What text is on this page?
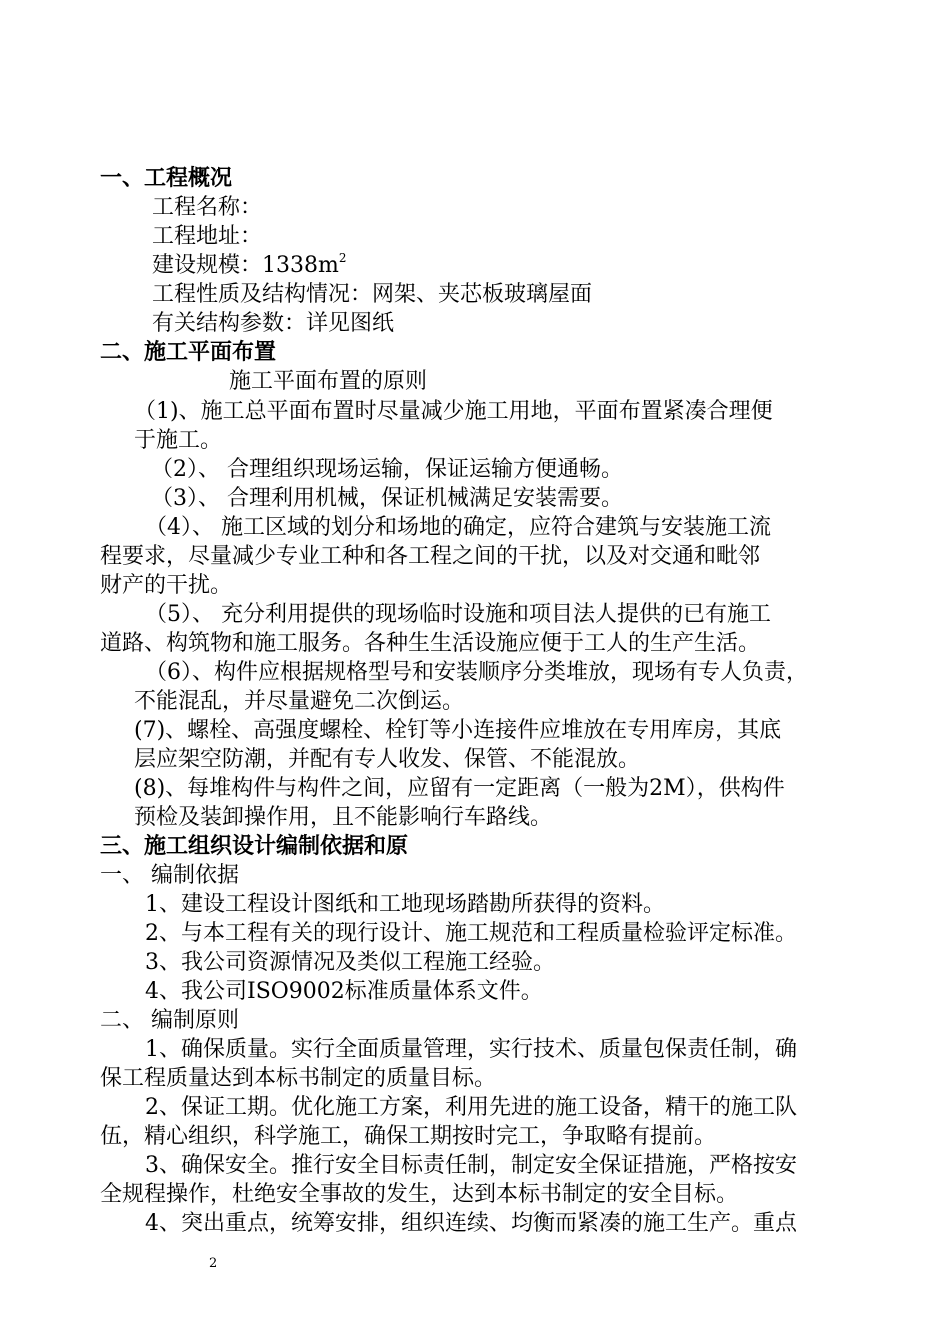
一、工程概况
工程名称：
工程地址：
建设规模：$1338m^2$
工程性质及结构情况：网架、夹芯板玻璃屋面
有关结构参数：详见图纸
二、施工平面布置
施工平面布置的原则
（1)、施工总平面布置时尽量减少施工用地，平面布置紧凑合理便
于施工。
（2）、 合理组织现场运输，保证运输方便通畅。
（3）、 合理利用机械，保证机械满足安装需要。
（4）、 施工区域的划分和场地的确定，应符合建筑与安装施工流
程要求，尽量减少专业工种和各工程之间的干扰，以及对交通和毗邻
财产的干扰。
（5）、 充分利用提供的现场临时设施和项目法人提供的已有施工
道路、构筑物和施工服务。各种生生活设施应便于工人的生产生活。
（6）、构件应根据规格型号和安装顺序分类堆放，现场有专人负责，
不能混乱，并尽量避免二次倒运。
(7)、螺栓、高强度螺栓、栓钉等小连接件应堆放在专用库房，其底
层应架空防潮，并配有专人收发、保管、不能混放。
(8)、每堆构件与构件之间，应留有一定距离（一般为2M），供构件
预检及装卸操作用，且不能影响行车路线。
三、施工组织设计编制依据和原
一、 编制依据
1、建设工程设计图纸和工地现场踏勘所获得的资料。
2、与本工程有关的现行设计、施工规范和工程质量检验评定标准。
3、我公司资源情况及类似工程施工经验。
4、我公司ISO9002标准质量体系文件。
二、 编制原则
1、确保质量。实行全面质量管理，实行技术、质量包保责任制，确
保工程质量达到本标书制定的质量目标。
2、保证工期。优化施工方案，利用先进的施工设备，精干的施工队
伍，精心组织，科学施工，确保工期按时完工，争取略有提前。
3、确保安全。推行安全目标责任制，制定安全保证措施，严格按安
全规程操作，杜绝安全事故的发生，达到本标书制定的安全目标。
4、突出重点，统筹安排，组织连续、均衡而紧凑的施工生产。重点
2
